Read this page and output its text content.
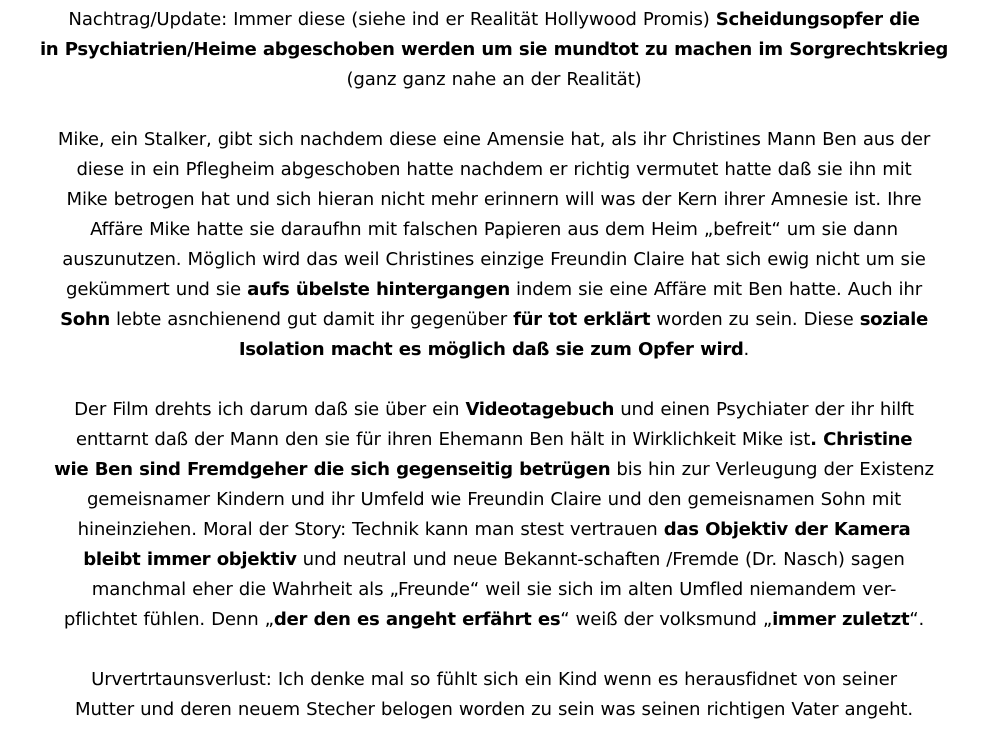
Nachtrag/Update: Immer diese (siehe ind er Realität Hollywood Promis) Scheidungsopfer die
in Psychiatrien/Heime abgeschoben werden um sie mundtot zu machen im Sorgrechtskrieg
(ganz ganz nahe an der Realität)
Mike, ein Stalker, gibt sich nachdem diese eine Amensie hat, als ihr Christines Mann Ben aus der
diese in ein Pflegheim abgeschoben hatte nachdem er richtig vermutet hatte daß sie ihn mit
Mike betrogen hat und sich hieran nicht mehr erinnern will was der Kern ihrer Amnesie ist. Ihre
Affäre Mike hatte sie daraufhn mit falschen Papieren aus dem Heim „befreit“ um sie dann
auszunutzen. Möglich wird das weil Christines einzige Freundin Claire hat sich ewig nicht um sie
gekümmert und sie aufs übelste hintergangen indem sie eine Affäre mit Ben hatte. Auch ihr
Sohn lebte asnchienend gut damit ihr gegenüber für tot erklärt worden zu sein. Diese soziale
Isolation macht es möglich daß sie zum Opfer wird.
Der Film drehts ich darum daß sie über ein Videotagebuch und einen Psychiater der ihr hilft
enttarnt daß der Mann den sie für ihren Ehemann Ben hält in Wirklichkeit Mike ist. Christine
wie Ben sind Fremdgeher die sich gegenseitig betrügen bis hin zur Verleugung der Existenz
gemeisnamer Kindern und ihr Umfeld wie Freundin Claire und den gemeisnamen Sohn mit
hineinziehen. Moral der Story: Technik kann man stest vertrauen das Objektiv der Kamera
bleibt immer objektiv und neutral und neue Bekannt-schaften /Fremde (Dr. Nasch) sagen
manchmal eher die Wahrheit als „Freunde“ weil sie sich im alten Umfled niemandem ver-
pflichtet fühlen. Denn „der den es angeht erfährt es“ weiß der volksmund „immer zuletzt“.
Urvertrtaunsverlust: Ich denke mal so fühlt sich ein Kind wenn es herausfidnet von seiner
Mutter und deren neuem Stecher belogen worden zu sein was seinen richtigen Vater angeht.
